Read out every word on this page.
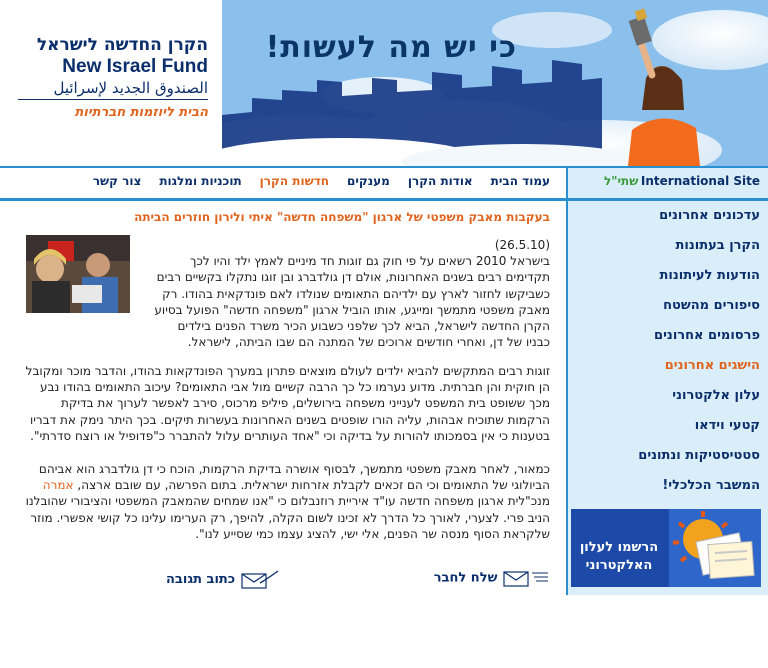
כי יש מה לעשות!
הקרן החדשה לישראל
New Israel Fund
الصندوق الجديد لإسرائيل
הבית ליוזמות חברתיות
עמוד הבית
אודות הקרן
מענקים
חדשות הקרן
תוכניות ומלגות
צור קשר	International Site
שתי"ל
עדכונים אחרונים
הקרן בעתונות
הודעות לעיתונות
סיפורים מהשטח
פרסומים אחרונים
הישגים אחרונים
עלון אלקטרוני
קטעי וידאו
סטטיסטיקות ונתונים
המשבר הכלכלי!
הרשמו לעלון
האלקטרוני
בעקבות מאבק משפטי של ארגון "משפחה חדשה" איתי ולירון חוזרים הביתה
(26.5.10)
בישראל 2010 רשאים על פי חוק גם זוגות חד מיניים לאמץ ילד והיו לכך תקדימים רבים בשנים האחרונות, אולם דן גולדברג ובן זוגו נתקלו בקשיים רבים כשביקשו לחזור לארץ עם ילדיהם התאומים שנולדו לאם פונדקאית בהודו. רק מאבק משפטי מתמשך ומייגע, אותו הוביל ארגון "משפחה חדשה" הפועל בסיוע הקרן החדשה לישראל, הביא לכך שלפני כשבוע הכיר משרד הפנים בילדים כבניו של דן, ואחרי חודשים ארוכים של המתנה הם שבו הביתה, לישראל.
זוגות רבים המתקשים להביא ילדים לעולם מוצאים פתרון במערך הפונדקאות בהודו, והדבר מוכר ומקובל הן חוקית והן חברתית. מדוע נערמו כל כך הרבה קשיים מול אבי התאומים? עיכוב התאומים בהודו נבע מכך ששופט בית המשפט לענייני משפחה בירושלים, פיליפ מרכוס, סירב לאפשר לערוך את בדיקת הרקמות שתוכיח אבהות, עליה הורו שופטים בשנים האחרונות בעשרות תיקים. בכך היתר נימק את דבריו בטענות כי אין בסמכותו להורות על בדיקה וכי "אחד העותרים עלול להתברר כ"פדופיל או רוצח סדרתי".
כמאור, לאחר מאבק משפטי מתמשך, לבסוף אושרה בדיקת הרקמות, הוכח כי דן גולדברג הוא אביהם הביולוגי של התאומים וכי הם זכאים לקבלת אזרחות ישראלית. בתום הפרשה, עם שובם ארצה, אמרה מנכ"לית ארגון משפחה חדשה עו"ד איריית רוזנבלום כי "אנו שמחים שהמאבק המשפטי והציבורי שהובלנו הניב פרי. לצערי, לאורך כל הדרך לא זכינו לשום הקלה, להיפך, רק הערימו עלינו כל קושי אפשרי. מוזר שלקראת הסוף מנסה שר הפנים, אלי ישי, להציג עצמו כמי שסייע לנו".
שלח לחבר
כתוב תגובה
